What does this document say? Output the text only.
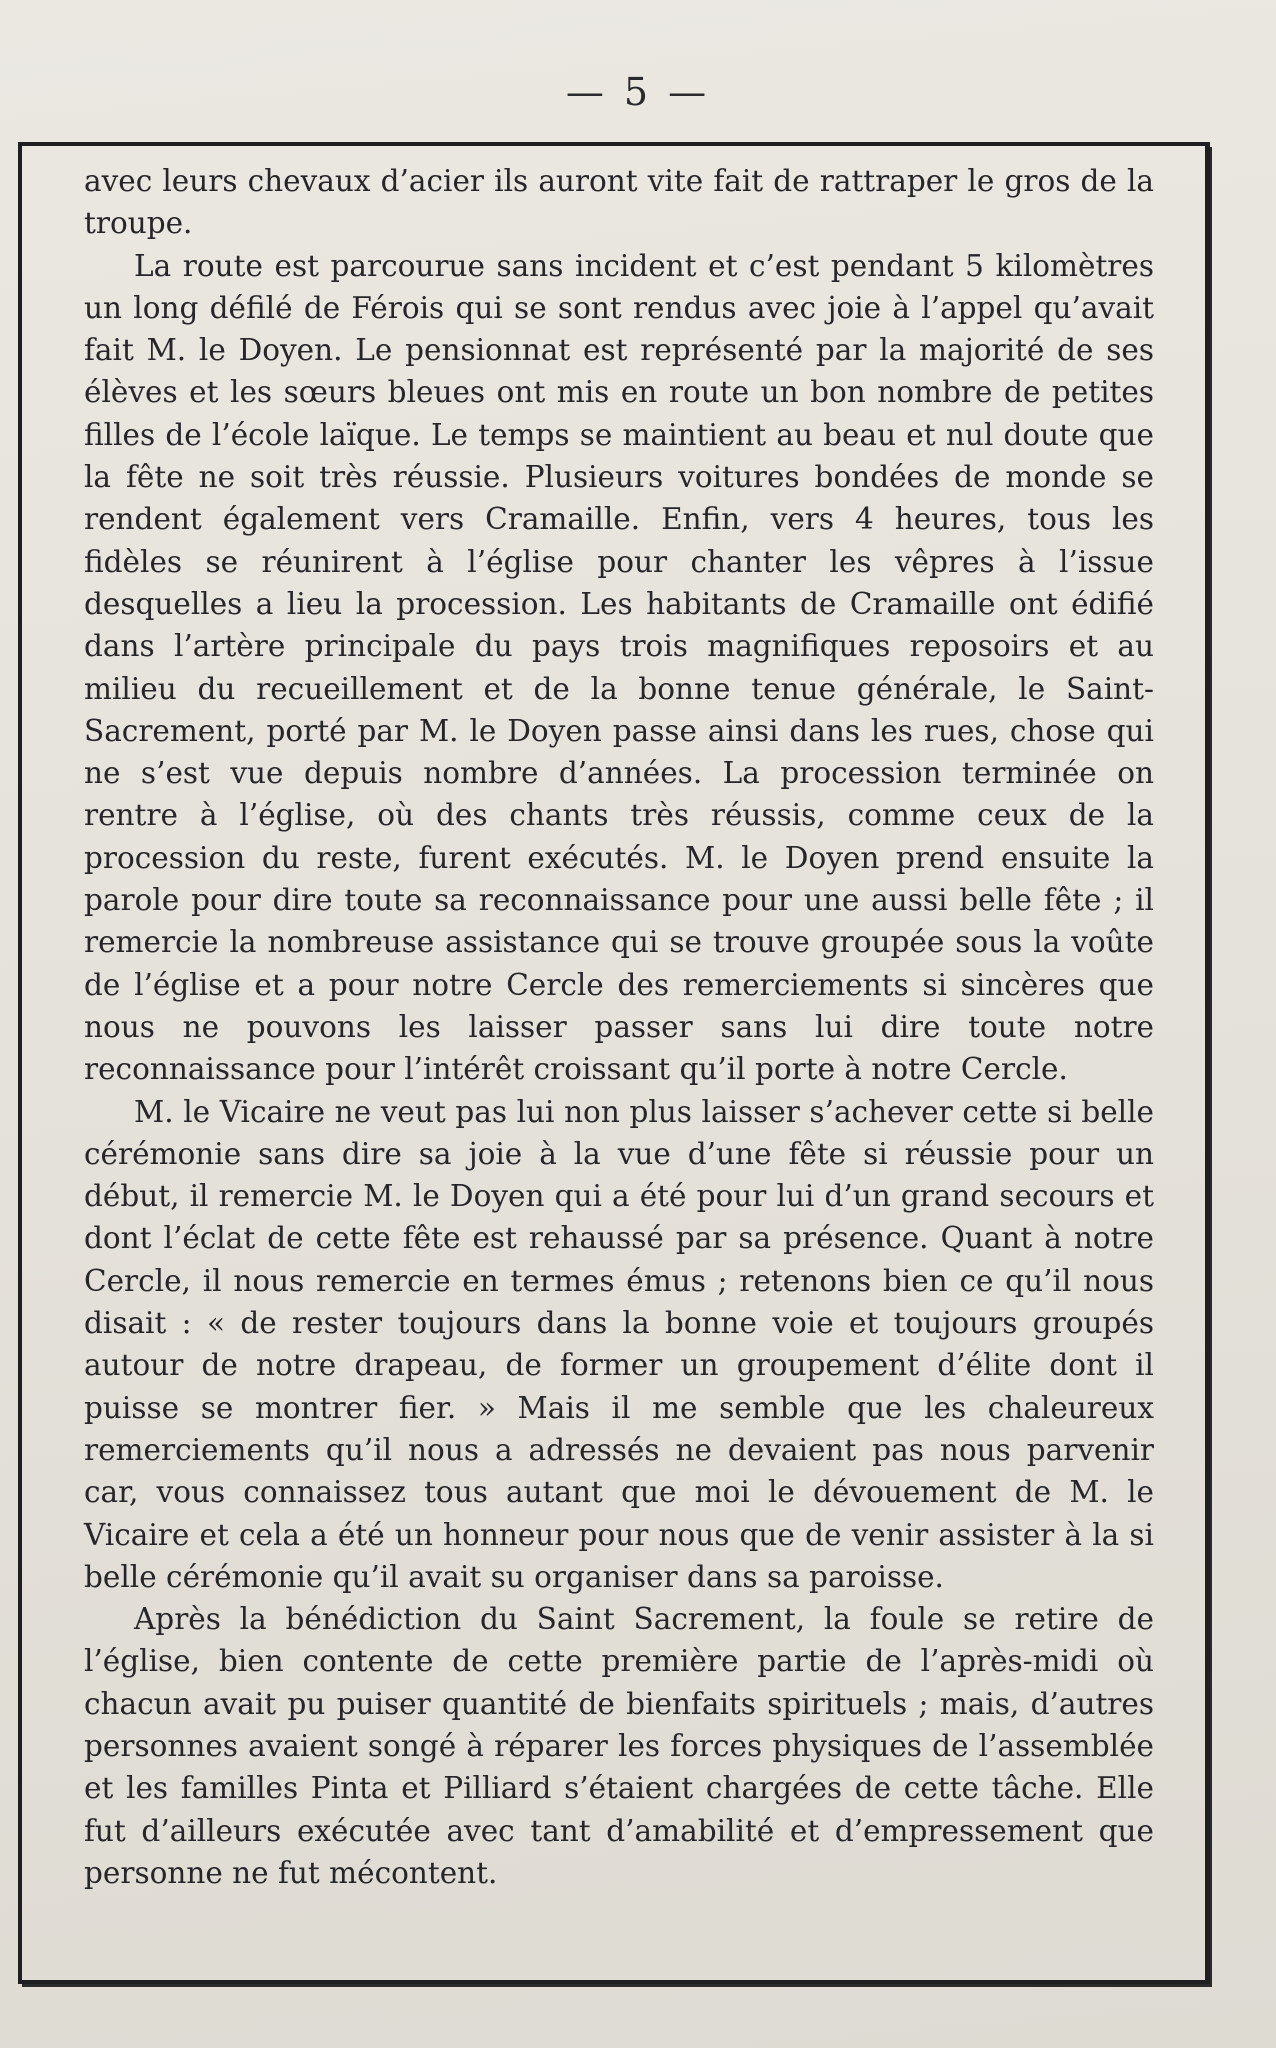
— 5 —

avec leurs chevaux d’acier ils auront vite fait de rattraper le gros de la troupe.

La route est parcourue sans incident et c’est pendant 5 kilomètres un long défilé de Férois qui se sont rendus avec joie à l’appel qu’avait fait M. le Doyen. Le pensionnat est représenté par la majorité de ses élèves et les sœurs bleues ont mis en route un bon nombre de petites filles de l’école laïque. Le temps se maintient au beau et nul doute que la fête ne soit très réussie. Plusieurs voitures bondées de monde se rendent également vers Cramaille. Enfin, vers 4 heures, tous les fidèles se réunirent à l’église pour chanter les vêpres à l’issue desquelles a lieu la procession. Les habitants de Cramaille ont édifié dans l’artère principale du pays trois magnifiques reposoirs et au milieu du recueillement et de la bonne tenue générale, le Saint-Sacrement, porté par M. le Doyen passe ainsi dans les rues, chose qui ne s’est vue depuis nombre d’années. La procession terminée on rentre à l’église, où des chants très réussis, comme ceux de la procession du reste, furent exécutés. M. le Doyen prend ensuite la parole pour dire toute sa reconnaissance pour une aussi belle fête ; il remercie la nombreuse assistance qui se trouve groupée sous la voûte de l’église et a pour notre Cercle des remerciements si sincères que nous ne pouvons les laisser passer sans lui dire toute notre reconnaissance pour l’intérêt croissant qu’il porte à notre Cercle.

M. le Vicaire ne veut pas lui non plus laisser s’achever cette si belle cérémonie sans dire sa joie à la vue d’une fête si réussie pour un début, il remercie M. le Doyen qui a été pour lui d’un grand secours et dont l’éclat de cette fête est rehaussé par sa présence. Quant à notre Cercle, il nous remercie en termes émus ; retenons bien ce qu’il nous disait : « de rester toujours dans la bonne voie et toujours groupés autour de notre drapeau, de former un groupement d’élite dont il puisse se montrer fier. » Mais il me semble que les chaleureux remerciements qu’il nous a adressés ne devaient pas nous parvenir car, vous connaissez tous autant que moi le dévouement de M. le Vicaire et cela a été un honneur pour nous que de venir assister à la si belle cérémonie qu’il avait su organiser dans sa paroisse.

Après la bénédiction du Saint Sacrement, la foule se retire de l’église, bien contente de cette première partie de l’après-midi où chacun avait pu puiser quantité de bienfaits spirituels ; mais, d’autres personnes avaient songé à réparer les forces physiques de l’assemblée et les familles Pinta et Pilliard s’étaient chargées de cette tâche. Elle fut d’ailleurs exécutée avec tant d’amabilité et d’empressement que personne ne fut mécontent.
